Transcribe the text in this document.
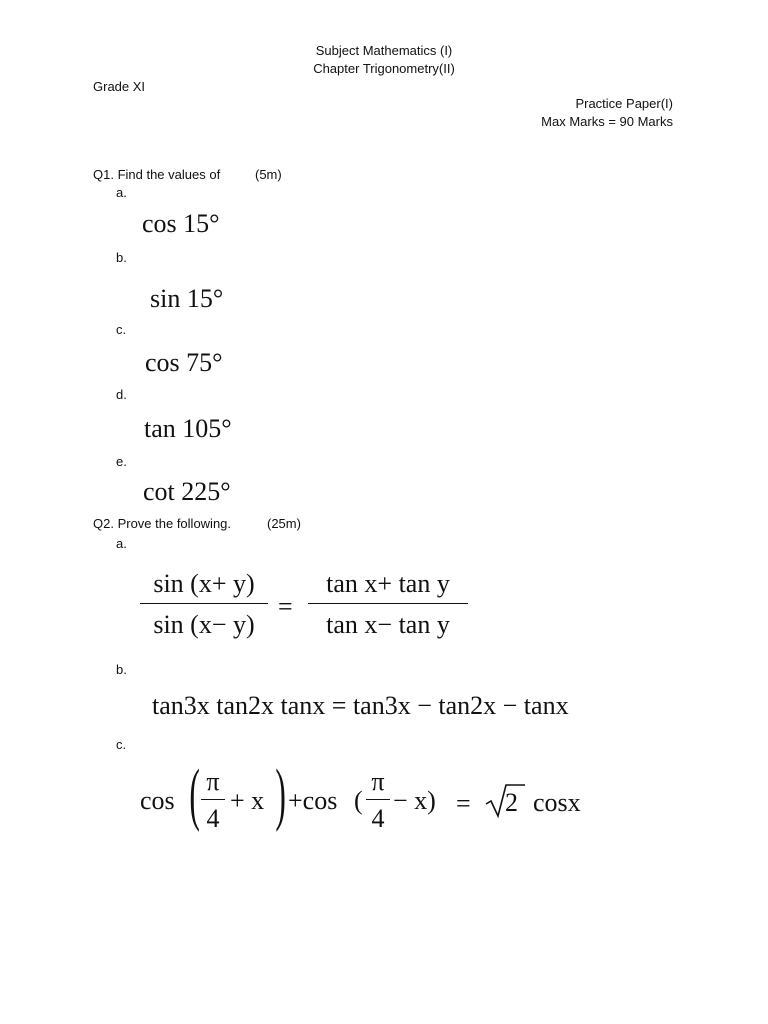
Subject Mathematics (I)
Chapter Trigonometry(II)
Grade XI
Practice Paper(I)
Max Marks = 90 Marks
Q1. Find the values of	(5m)
a.
cos 15°
b.
sin 15°
c.
cos 75°
d.
tan 105°
e.
cot 225°
Q2. Prove the following.	(25m)
a.
sin (x+ y)
sin (x− y)
=
tan x+ tan y
tan x− tan y
b.
tan3x tan2x tanx = tan3x − tan2x − tanx
c.
cos ( π
4
+ x ) +cos (
π
4
− x) = 2 cosx
